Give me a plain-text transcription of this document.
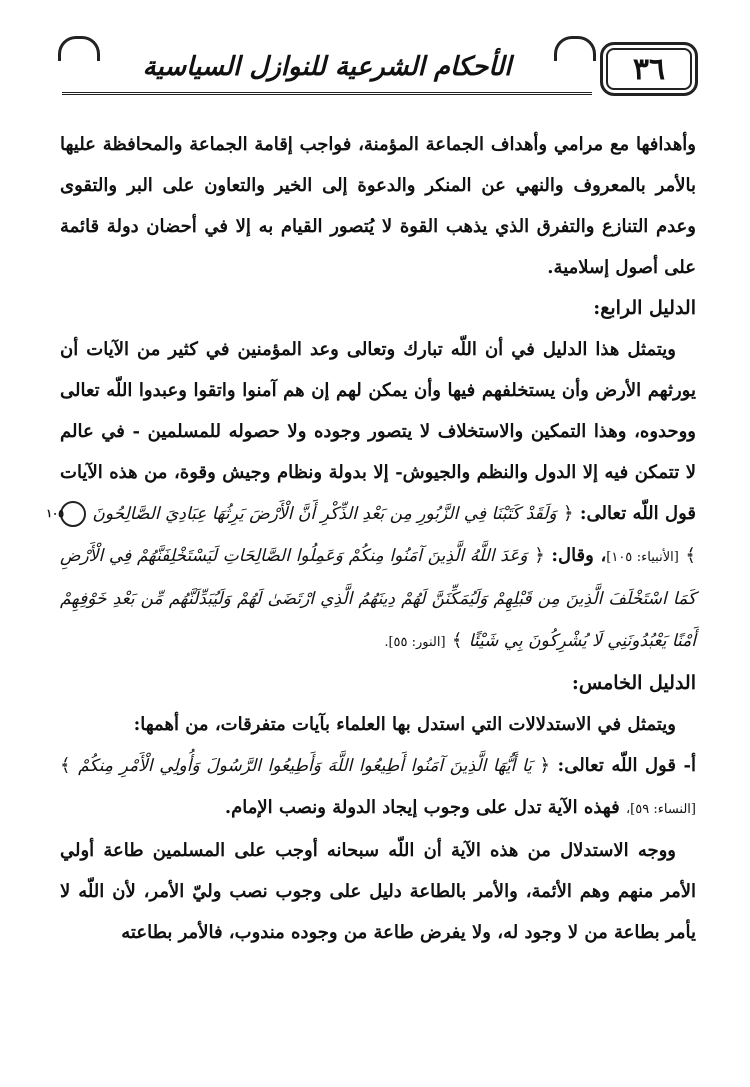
الأحكام الشرعية للنوازل السياسية	٣٦

وأهدافها مع مرامي وأهداف الجماعة المؤمنة، فواجب إقامة الجماعة والمحافظة عليها بالأمر بالمعروف والنهي عن المنكر والدعوة إلى الخير والتعاون على البر والتقوى وعدم التنازع والتفرق الذي يذهب القوة لا يُتصور القيام به إلا في أحضان دولة قائمة على أصول إسلامية.

الدليل الرابع:

ويتمثل هذا الدليل في أن اللّه تبارك وتعالى وعد المؤمنين في كثير من الآيات أن يورثهم الأرض وأن يستخلفهم فيها وأن يمكن لهم إن هم آمنوا واتقوا وعبدوا اللّه تعالى ووحدوه، وهذا التمكين والاستخلاف لا يتصور وجوده ولا حصوله للمسلمين - في عالم لا تتمكن فيه إلا الدول والنظم والجيوش- إلا بدولة ونظام وجيش وقوة، من هذه الآيات قول اللّه تعالى: ﴿ وَلَقَدْ كَتَبْنَا فِي الزَّبُورِ مِن بَعْدِ الذِّكْرِ أَنَّ الْأَرْضَ يَرِثُهَا عِبَادِيَ الصَّالِحُونَ ١٠٥ ﴾ [الأنبياء: ١٠٥]، وقال: ﴿ وَعَدَ اللَّهُ الَّذِينَ آمَنُوا مِنكُمْ وَعَمِلُوا الصَّالِحَاتِ لَيَسْتَخْلِفَنَّهُمْ فِي الْأَرْضِ كَمَا اسْتَخْلَفَ الَّذِينَ مِن قَبْلِهِمْ وَلَيُمَكِّنَنَّ لَهُمْ دِينَهُمُ الَّذِي ارْتَضَىٰ لَهُمْ وَلَيُبَدِّلَنَّهُم مِّن بَعْدِ خَوْفِهِمْ أَمْنًا يَعْبُدُونَنِي لَا يُشْرِكُونَ بِي شَيْئًا ﴾ [النور: ٥٥].

الدليل الخامس:

ويتمثل في الاستدلالات التي استدل بها العلماء بآيات متفرقات، من أهمها:

أ- قول اللّه تعالى: ﴿ يَا أَيُّهَا الَّذِينَ آمَنُوا أَطِيعُوا اللَّهَ وَأَطِيعُوا الرَّسُولَ وَأُولِي الْأَمْرِ مِنكُمْ ﴾ [النساء: ٥٩]، فهذه الآية تدل على وجوب إيجاد الدولة ونصب الإمام.

ووجه الاستدلال من هذه الآية أن اللّه سبحانه أوجب على المسلمين طاعة أولي الأمر منهم وهم الأئمة، والأمر بالطاعة دليل على وجوب نصب وليّ الأمر، لأن اللّه لا يأمر بطاعة من لا وجود له، ولا يفرض طاعة من وجوده مندوب، فالأمر بطاعته
